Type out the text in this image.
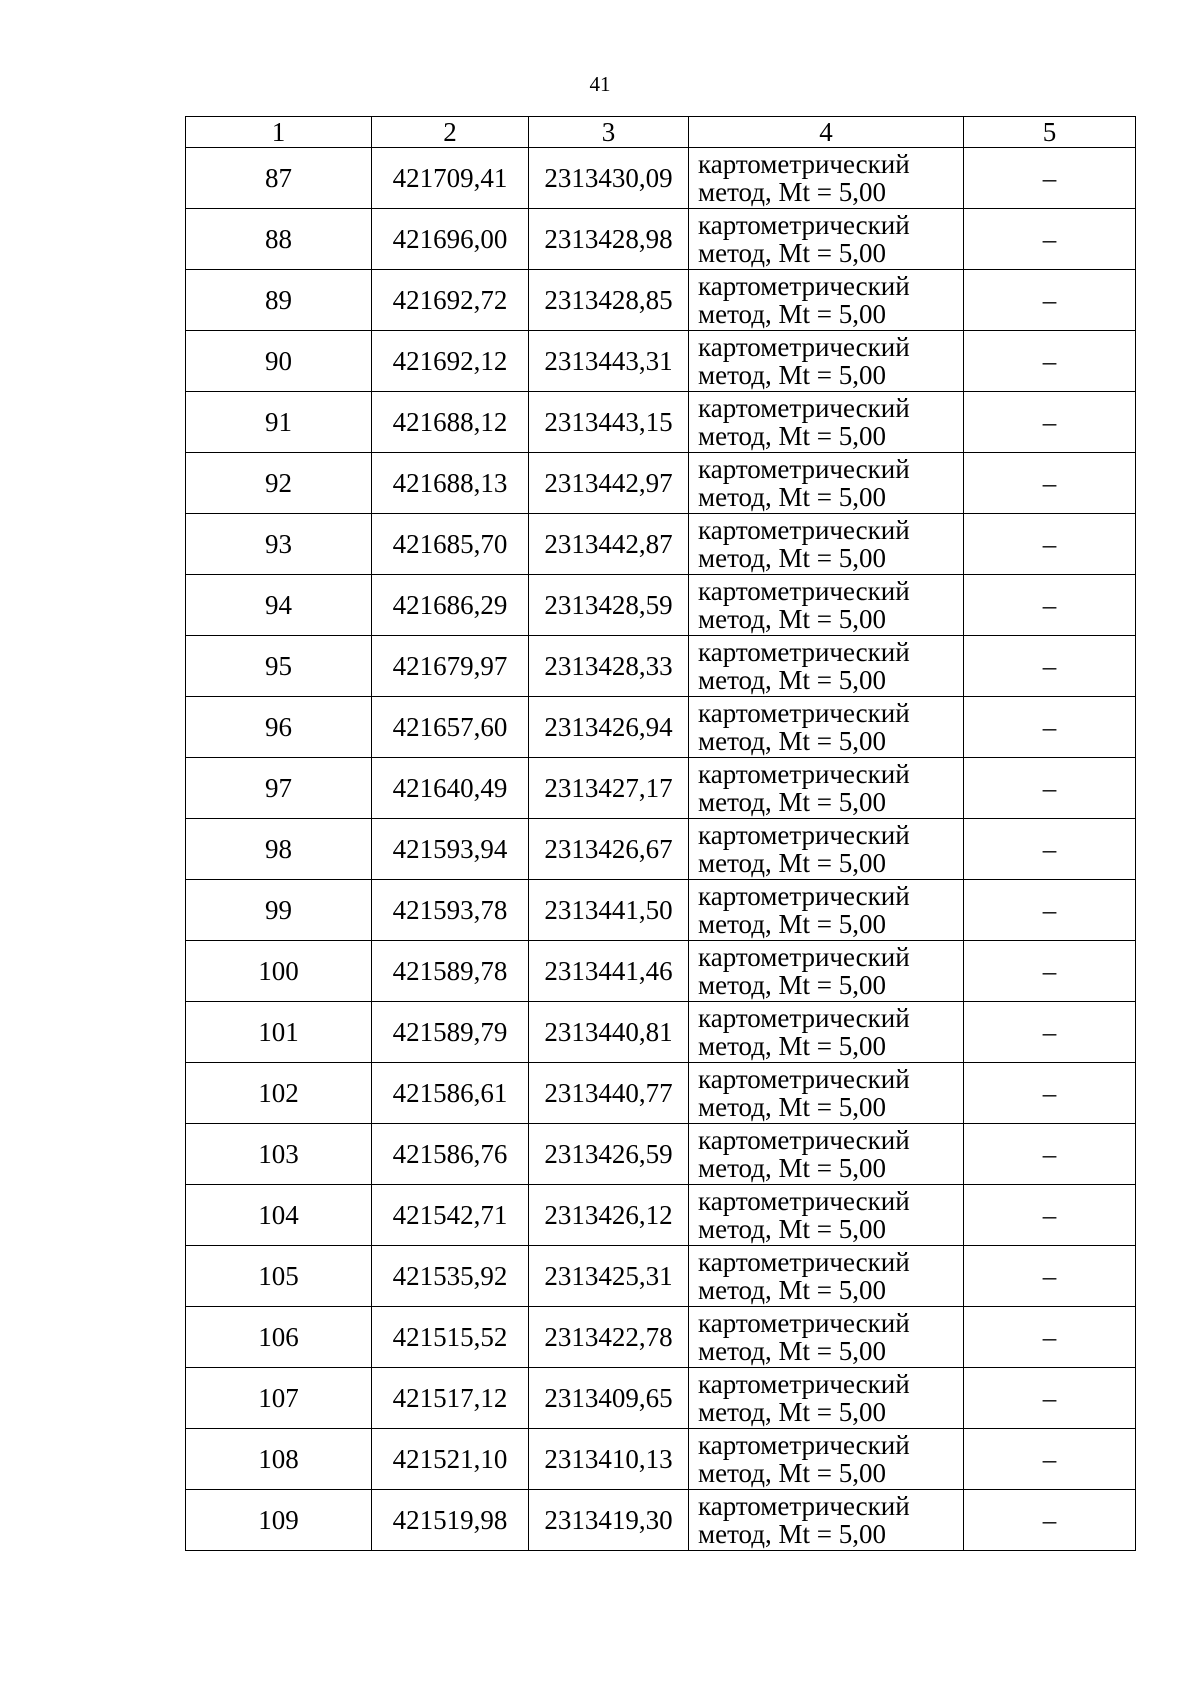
41
1	2	3	4	5
87	421709,41	2313430,09	картометрический
метод, Mt = 5,00	–
88	421696,00	2313428,98	картометрический
метод, Mt = 5,00	–
89	421692,72	2313428,85	картометрический
метод, Mt = 5,00	–
90	421692,12	2313443,31	картометрический
метод, Mt = 5,00	–
91	421688,12	2313443,15	картометрический
метод, Mt = 5,00	–
92	421688,13	2313442,97	картометрический
метод, Mt = 5,00	–
93	421685,70	2313442,87	картометрический
метод, Mt = 5,00	–
94	421686,29	2313428,59	картометрический
метод, Mt = 5,00	–
95	421679,97	2313428,33	картометрический
метод, Mt = 5,00	–
96	421657,60	2313426,94	картометрический
метод, Mt = 5,00	–
97	421640,49	2313427,17	картометрический
метод, Mt = 5,00	–
98	421593,94	2313426,67	картометрический
метод, Mt = 5,00	–
99	421593,78	2313441,50	картометрический
метод, Mt = 5,00	–
100	421589,78	2313441,46	картометрический
метод, Mt = 5,00	–
101	421589,79	2313440,81	картометрический
метод, Mt = 5,00	–
102	421586,61	2313440,77	картометрический
метод, Mt = 5,00	–
103	421586,76	2313426,59	картометрический
метод, Mt = 5,00	–
104	421542,71	2313426,12	картометрический
метод, Mt = 5,00	–
105	421535,92	2313425,31	картометрический
метод, Mt = 5,00	–
106	421515,52	2313422,78	картометрический
метод, Mt = 5,00	–
107	421517,12	2313409,65	картометрический
метод, Mt = 5,00	–
108	421521,10	2313410,13	картометрический
метод, Mt = 5,00	–
109	421519,98	2313419,30	картометрический
метод, Mt = 5,00	–
